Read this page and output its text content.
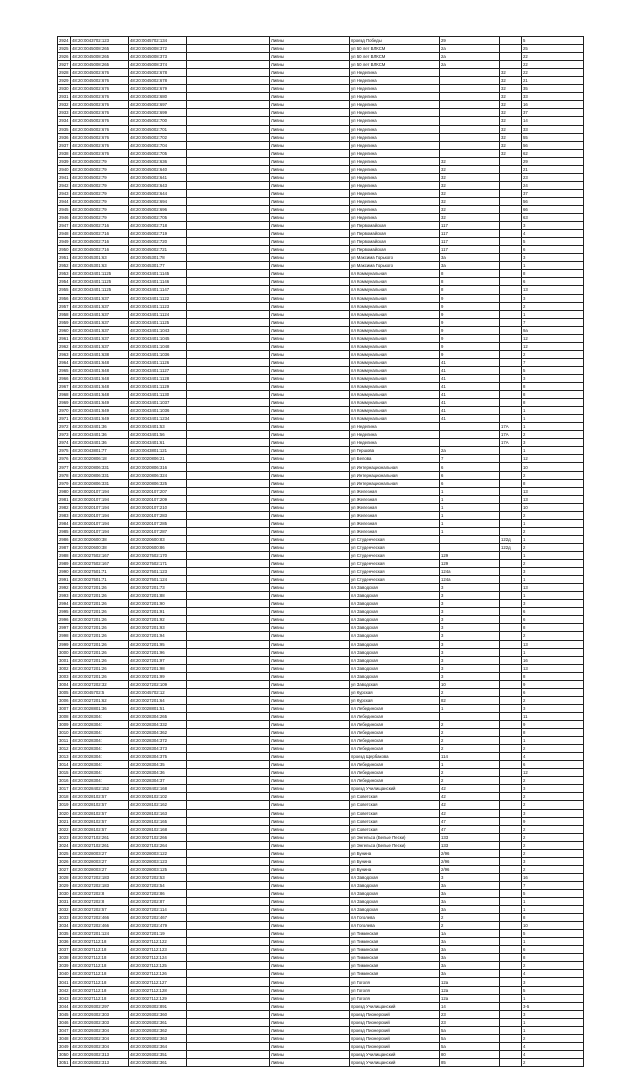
2924	48:20:0043702:123	48:20:0045702:134		Ливны	проезд Победы	29		5
2925	48:20:0045008:265	48:20:0045008:372		Ливны	ул 50 лет ВЛКСМ	2а		25
2926	48:20:0045008:265	48:20:0045008:373		Ливны	ул 50 лет ВЛКСМ	2а		22
2927	48:20:0045008:265	48:20:0045008:374		Ливны	ул 50 лет ВЛКСМ	2а		22
2928	48:20:0045002:676	48:20:0045002:678		Ливны	ул Неделина		32	22
2929	48:20:0045002:676	48:20:0045002:678		Ливны	ул Неделина		32	21
2930	48:20:0045002:676	48:20:0045002:679		Ливны	ул Неделина		32	35
2931	48:20:0045002:676	48:20:0045002:680		Ливны	ул Неделина		32	33
2932	48:20:0045002:676	48:20:0045002:697		Ливны	ул Неделина		32	16
2933	48:20:0045002:676	48:20:0045002:699		Ливны	ул Неделина		32	37
2934	48:20:0045002:676	48:20:0045002:700		Ливны	ул Неделина		32	14
2935	48:20:0045002:676	48:20:0045002:701		Ливны	ул Неделина		32	33
2936	48:20:0045002:676	48:20:0045002:702		Ливны	ул Неделина		32	55
2937	48:20:0045002:676	48:20:0045002:704		Ливны	ул Неделина		32	56
2938	48:20:0045002:676	48:20:0045002:705		Ливны	ул Неделина		32	62
2939	48:20:0045002:79	48:20:0045002:636		Ливны	ул Неделина	32		29
2940	48:20:0045002:79	48:20:0045002:640		Ливны	ул Неделина	32		21
2941	48:20:0045002:79	48:20:0045002:641		Ливны	ул Неделина	32		23
2942	48:20:0045002:79	48:20:0045002:643		Ливны	ул Неделина	32		24
2943	48:20:0045002:79	48:20:0045002:644		Ливны	ул Неделина	32		37
2944	48:20:0045002:79	48:20:0045002:694		Ливны	ул Неделина	32		56
2945	48:20:0045002:79	48:20:0045002:696		Ливны	ул Неделина	32		66
2946	48:20:0045002:79	48:20:0045002:705		Ливны	ул Неделина	32		63
2947	48:20:0045002:716	48:20:0045002:718		Ливны	ул Первомайская	117		3
2948	48:20:0045002:716	48:20:0045002:719		Ливны	ул Первомайская	117		4
2949	48:20:0045002:716	48:20:0045002:720		Ливны	ул Первомайская	117		5
2950	48:20:0045002:716	48:20:0045002:721		Ливны	ул Первомайская	117		6
2951	48:20:0045301:63	48:20:0045301:78		Ливны	ул Максима Горького	3а		3
2952	48:20:0045301:63	48:20:0045301:77		Ливны	ул Максима Горького	3а		1
2953	48:20:0043401:1125	48:20:0043401:1145		Ливны	пл Коммунальная	8		8
2954	48:20:0043401:1125	48:20:0043401:1146		Ливны	пл Коммунальная	8		6
2955	48:20:0043401:1125	48:20:0043401:1147		Ливны	пл Коммунальная	8		13
2956	48:20:0043401:637	48:20:0043401:1122		Ливны	пл Коммунальная	9		3
2957	48:20:0043401:637	48:20:0043401:1123		Ливны	пл Коммунальная	9		2
2958	48:20:0043401:637	48:20:0043401:1124		Ливны	пл Коммунальная	9		1
2959	48:20:0043401:637	48:20:0043401:1125		Ливны	пл Коммунальная	9		7
2960	48:20:0043401:637	48:20:0043401:1043		Ливны	пл Коммунальная	9		9а
2961	48:20:0043401:637	48:20:0043401:1045		Ливны	пл Коммунальная	9		12
2962	48:20:0043401:637	48:20:0043401:1048		Ливны	пл Коммунальная	9		12
2963	48:20:0043401:638	48:20:0043401:1036		Ливны	пл Коммунальная	9		2
2964	48:20:0043401:648	48:20:0043401:1126		Ливны	пл Коммунальная	41		7
2965	48:20:0043401:648	48:20:0043401:1127		Ливны	пл Коммунальная	41		5
2966	48:20:0043401:648	48:20:0043401:1128		Ливны	пл Коммунальная	41		3
2967	48:20:0043401:648	48:20:0043401:1129		Ливны	пл Коммунальная	41		8
2968	48:20:0043401:648	48:20:0043401:1130		Ливны	пл Коммунальная	41		8
2969	48:20:0043401:649	48:20:0043401:1037		Ливны	пл Коммунальная	41		8
2970	48:20:0043401:649	48:20:0043401:1036		Ливны	пл Коммунальная	41		1
2971	48:20:0043401:649	48:20:0043401:1234		Ливны	пл Коммунальная	41		1
2972	48:20:0043401:36	48:20:0043401:53		Ливны	ул Неделина		17А	1
2973	48:20:0043401:36	48:20:0043401:56		Ливны	ул Неделина		17А	2
2974	48:20:0043401:36	48:20:0043401:61		Ливны	ул Неделина		17А	3
2975	48:20:0043801:77	48:20:0043801:121		Ливны	ул Гершова	2а		1
2976	48:20:0020806:18	48:20:0020806:21		Ливны	ул Белова	7		12
2977	48:20:0020806:331	48:20:0020806:316		Ливны	ул Интернациональная	6		10
2978	48:20:0020806:331	48:20:0020806:324		Ливны	ул Интернациональная	6		2
2979	48:20:0020806:331	48:20:0020806:325		Ливны	ул Интернациональная	6		8
2980	48:20:0020107:194	48:20:0020107:207		Ливны	ул Железная	1		13
2981	48:20:0020107:194	48:20:0020107:209		Ливны	ул Железная	1		13
2982	48:20:0020107:194	48:20:0020107:210		Ливны	ул Железная	1		10
2983	48:20:0020107:194	48:20:0020107:283		Ливны	ул Железная	1		2
2984	48:20:0020107:194	48:20:0020107:285		Ливны	ул Железная	1		1
2985	48:20:0020107:194	48:20:0020107:287		Ливны	ул Железная	1		2
2986	48:20:0020600:38	48:20:0020600:83		Ливны	ул Студенческая		122д	1
2987	48:20:0020600:38	48:20:0020600:86		Ливны	ул Студенческая		122д	2
2988	48:20:0027502:167	48:20:0027502:170		Ливны	ул Студенческая	129		1
2989	48:20:0027502:167	48:20:0027502:171		Ливны	ул Студенческая	129		2
2990	48:20:0027501:71	48:20:0027501:123		Ливны	ул Студенческая	124а		3
2991	48:20:0027501:71	48:20:0027501:124		Ливны	ул Студенческая	124а		1
2992	48:20:0027201:26	48:20:0027201:73		Ливны	пл Заводская	3		13
2993	48:20:0027201:26	48:20:0027201:88		Ливны	пл Заводская	3		1
2994	48:20:0027201:26	48:20:0027201:90		Ливны	пл Заводская	3		3
2995	48:20:0027201:26	48:20:0027201:91		Ливны	пл Заводская	3		6
2996	48:20:0027201:26	48:20:0027201:92		Ливны	пл Заводская	3		6
2997	48:20:0027201:26	48:20:0027201:93		Ливны	пл Заводская	3		8
2998	48:20:0027201:26	48:20:0027201:94		Ливны	пл Заводская	3		2
2999	48:20:0027201:26	48:20:0027201:95		Ливны	пл Заводская	3		13
3000	48:20:0027201:26	48:20:0027201:96		Ливны	пл Заводская	3		1
3001	48:20:0027201:26	48:20:0027201:97		Ливны	пл Заводская	3		16
3002	48:20:0027201:26	48:20:0027201:98		Ливны	пл Заводская	3		13
3003	48:20:0027201:26	48:20:0027201:99		Ливны	пл Заводская	3		8
3004	48:20:0027202:32	48:20:0027202:109		Ливны	ул Заводская	10		9
3005	48:20:0045702:5	48:20:0045702:12		Ливны	ул Курская	2		6
3006	48:20:0027201:62	48:20:0027201:64		Ливны	ул Курская	82		2
3007	48:20:0028801:36	48:20:0028801:51		Ливны	пл Лебединская	1		3
3008	48:20:0028304:	48:20:0028304:265		Ливны	пл Лебединская			11
3009	48:20:0028304:	48:20:0028304:332		Ливны	пл Лебединская	2		9
3010	48:20:0028304:	48:20:0028304:362		Ливны	пл Лебединская	2		8
3011	48:20:0028304:	48:20:0028304:372		Ливны	пл Лебединская	2		1
3012	48:20:0028304:	48:20:0028304:373		Ливны	пл Лебединская	2		2
3013	48:20:0028304:	48:20:0028304:375		Ливны	проезд Щербакова	114		4
3014	48:20:0028304:	48:20:0028304:35		Ливны	пл Лебединская	1		6
3015	48:20:0028304:	48:20:0028304:36		Ливны	пл Лебединская	2		12
3016	48:20:0028304:	48:20:0028304:37		Ливны	пл Лебединская	2		2
3017	48:20:0028402:152	48:20:0028402:168		Ливны	проезд Училищанский	42		3
3018	48:20:0028102:57	48:20:0028102:102		Ливны	ул Советская	42		2
3019	48:20:0028102:57	48:20:0028102:162		Ливны	ул Советская	42		2
3020	48:20:0028102:57	48:20:0028102:163		Ливны	ул Советская	42		3
3021	48:20:0028102:57	48:20:0028102:165		Ливны	ул Советская	47		9
3022	48:20:0028102:57	48:20:0028102:168		Ливны	ул Советская	47		2
3023	48:20:0027102:261	48:20:0027102:266		Ливны	ул Энгельса (Белые Пески)	133		2
3024	48:20:0027102:261	48:20:0027102:264		Ливны	ул Энгельса (Белые Пески)	133		2
3025	48:20:0028003:27	48:20:0028003:122		Ливны	ул Бунина	2/96		2
3026	48:20:0028003:27	48:20:0028003:123		Ливны	ул Бунина	2/96		3
3027	48:20:0028003:27	48:20:0028003:125		Ливны	ул Бунина	2/96		2
3028	48:20:0027202:183	48:20:0027202:53		Ливны	пл Заводская	3		16
3029	48:20:0027202:183	48:20:0027202:54		Ливны	пл Заводская	3а		7
3030	48:20:0027202:8	48:20:0027202:86		Ливны	пл Заводская	3а		5
3031	48:20:0027202:8	48:20:0027202:87		Ливны	пл Заводская	3а		1
3032	48:20:0027202:57	48:20:0027202:114		Ливны	пл Заводская	3а		1
3033	48:20:0027202:466	48:20:0027202:467		Ливны	пл Гоголева	2		8
3034	48:20:0027202:466	48:20:0027202:479		Ливны	пл Гоголева	2		10
3035	48:20:0027201:124	48:20:0027201:19		Ливны	ул Тиминская	1а		5
3036	48:20:0027112:18	48:20:0027112:122		Ливны	ул Тиминская	3а		1
3037	48:20:0027112:18	48:20:0027112:123		Ливны	ул Тиминская	3а		6
3038	48:20:0027112:18	48:20:0027112:124		Ливны	ул Тиминская	3а		8
3039	48:20:0027112:18	48:20:0027112:125		Ливны	ул Тиминская	3а		2
3040	48:20:0027112:18	48:20:0027112:126		Ливны	ул Тиминская	3а		4
3041	48:20:0027112:18	48:20:0027112:127		Ливны	ул Гоголя	12а		3
3042	48:20:0027112:18	48:20:0027112:128		Ливны	ул Гоголя	12а		5
3043	48:20:0027112:18	48:20:0027112:129		Ливны	ул Гоголя	12а		1
3044	48:20:0029302:297	48:20:0029302:891		Ливны	проезд Училищанский	14		3-5
3045	48:20:0029302:303	48:20:0029302:360		Ливны	проезд Пионерский	23		3
3046	48:20:0029302:303	48:20:0029302:361		Ливны	проезд Пионерский	23		1
3047	48:20:0029302:304	48:20:0029302:362		Ливны	проезд Пионерский	5а		1
3048	48:20:0029302:304	48:20:0029302:363		Ливны	проезд Пионерский	5а		2
3049	48:20:0029302:304	48:20:0029302:364		Ливны	проезд Пионерский	5а		4
3050	48:20:0029302:313	48:20:0029302:351		Ливны	проезд Училищанский	80		4
3051	48:20:0029302:313	48:20:0029302:361		Ливны	проезд Училищанский	85		2
